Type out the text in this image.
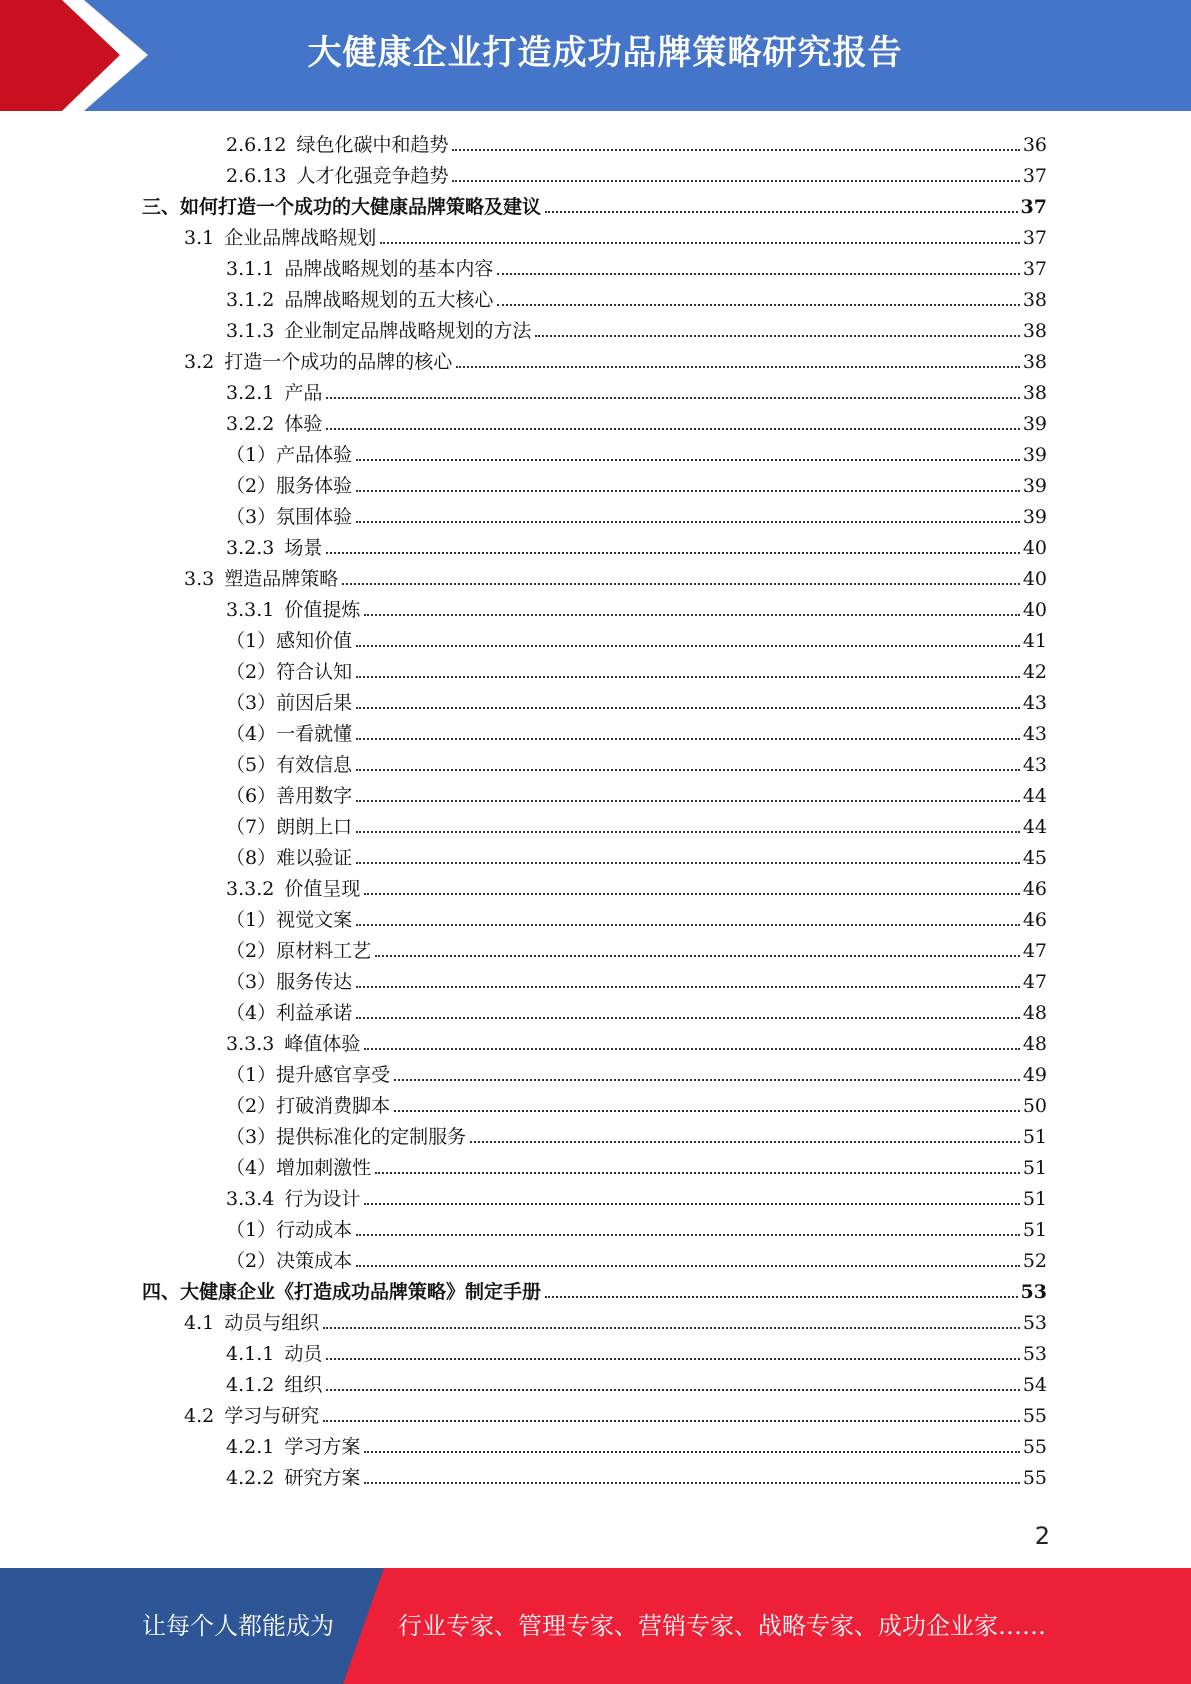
大健康企业打造成功品牌策略研究报告
2.6.12 绿色化碳中和趋势	36
2.6.13 人才化强竞争趋势	37
三、如何打造一个成功的大健康品牌策略及建议	37
3.1 企业品牌战略规划	37
3.1.1 品牌战略规划的基本内容	37
3.1.2 品牌战略规划的五大核心	38
3.1.3 企业制定品牌战略规划的方法	38
3.2 打造一个成功的品牌的核心	38
3.2.1 产品	38
3.2.2 体验	39
（1）产品体验	39
（2）服务体验	39
（3）氛围体验	39
3.2.3 场景	40
3.3 塑造品牌策略	40
3.3.1 价值提炼	40
（1）感知价值	41
（2）符合认知	42
（3）前因后果	43
（4）一看就懂	43
（5）有效信息	43
（6）善用数字	44
（7）朗朗上口	44
（8）难以验证	45
3.3.2 价值呈现	46
（1）视觉文案	46
（2）原材料工艺	47
（3）服务传达	47
（4）利益承诺	48
3.3.3 峰值体验	48
（1）提升感官享受	49
（2）打破消费脚本	50
（3）提供标准化的定制服务	51
（4）增加刺激性	51
3.3.4 行为设计	51
（1）行动成本	51
（2）决策成本	52
四、大健康企业《打造成功品牌策略》制定手册	53
4.1 动员与组织	53
4.1.1 动员	53
4.1.2 组织	54
4.2 学习与研究	55
4.2.1 学习方案	55
4.2.2 研究方案	55
2
让每个人都能成为	行业专家、管理专家、营销专家、战略专家、成功企业家……
